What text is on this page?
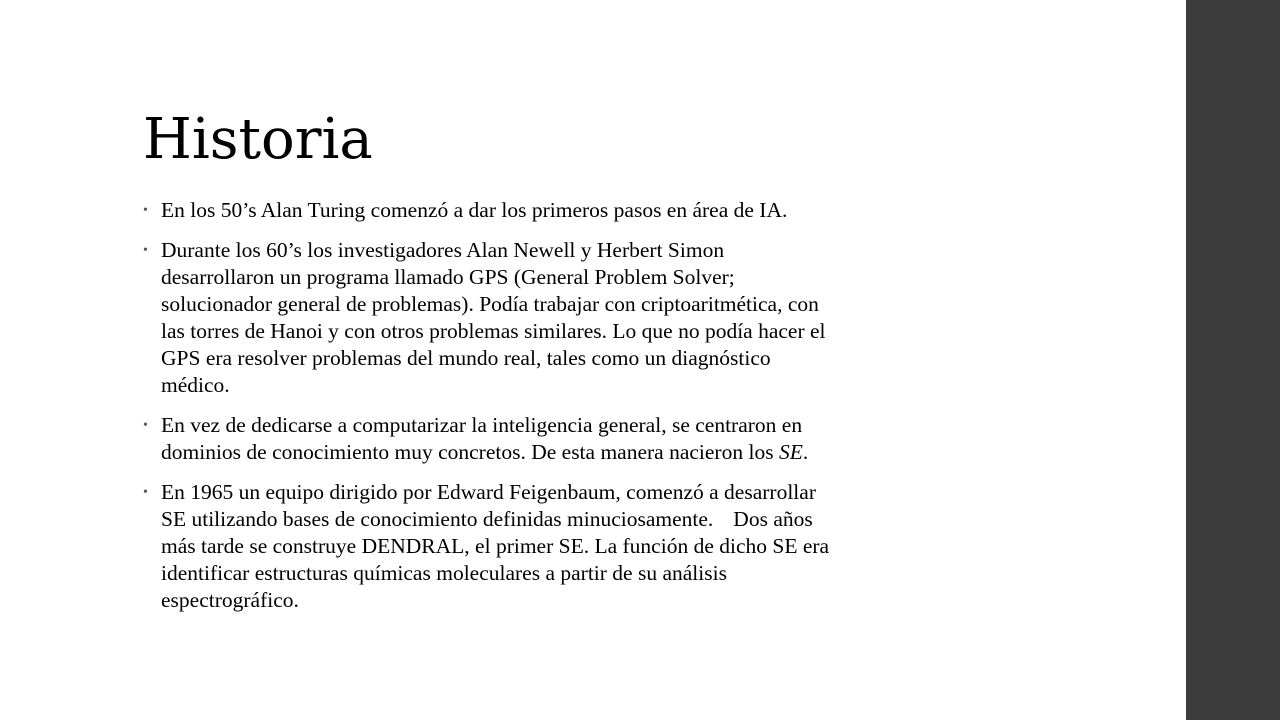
Historia
• En los 50’s Alan Turing comenzó a dar los primeros pasos en área de IA.
• Durante los 60’s los investigadores Alan Newell y Herbert Simon
desarrollaron un programa llamado GPS (General Problem Solver;
solucionador general de problemas). Podía trabajar con criptoaritmética, con
las torres de Hanoi y con otros problemas similares. Lo que no podía hacer el
GPS era resolver problemas del mundo real, tales como un diagnóstico
médico.
• En vez de dedicarse a computarizar la inteligencia general, se centraron en
dominios de conocimiento muy concretos. De esta manera nacieron los SE.
• En 1965 un equipo dirigido por Edward Feigenbaum, comenzó a desarrollar
SE utilizando bases de conocimiento definidas minuciosamente. Dos años
más tarde se construye DENDRAL, el primer SE. La función de dicho SE era
identificar estructuras químicas moleculares a partir de su análisis
espectrográfico.
